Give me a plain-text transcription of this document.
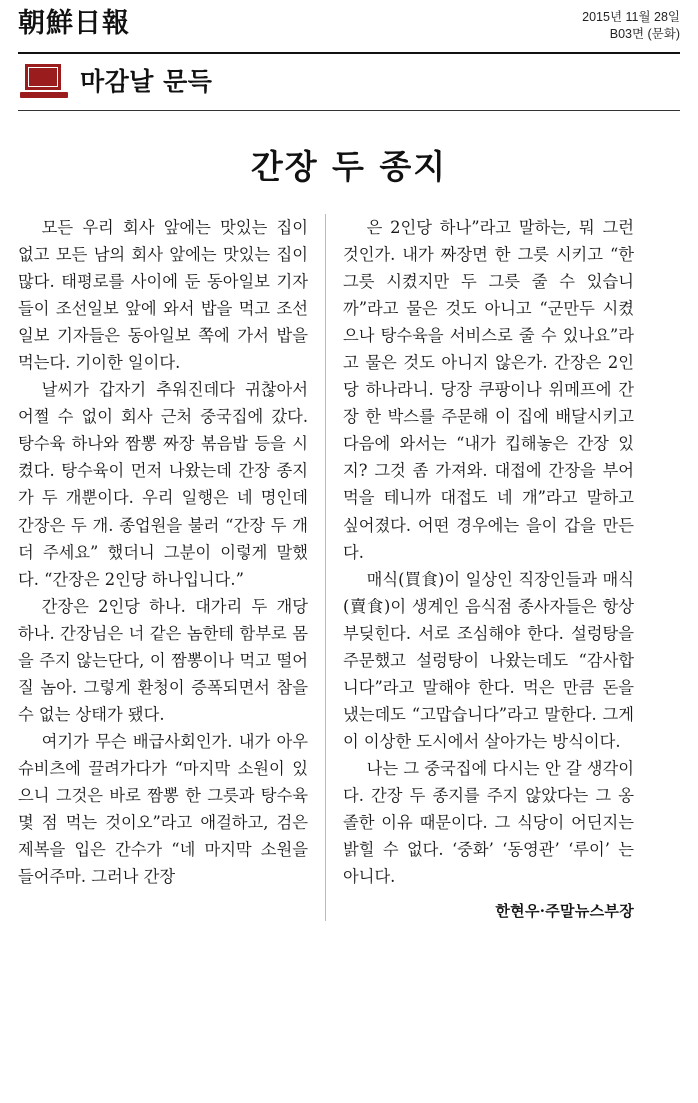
朝鮮日報	2015년 11월 28일
B03면 (문화)
마감날 문득
간장 두 종지

모든 우리 회사 앞에는 맛있는 집이 없고 모든 남의 회사 앞에는 맛있는 집이 많다. 태평로를 사이에 둔 동아일보 기자들이 조선일보 앞에 와서 밥을 먹고 조선일보 기자들은 동아일보 쪽에 가서 밥을 먹는다. 기이한 일이다.

날씨가 갑자기 추워진데다 귀찮아서 어쩔 수 없이 회사 근처 중국집에 갔다. 탕수육 하나와 짬뽕 짜장 볶음밥 등을 시켰다. 탕수육이 먼저 나왔는데 간장 종지가 두 개뿐이다. 우리 일행은 네 명인데 간장은 두 개. 종업원을 불러 “간장 두 개 더 주세요” 했더니 그분이 이렇게 말했다. “간장은 2인당 하나입니다.”

간장은 2인당 하나. 대가리 두 개당 하나. 간장님은 너 같은 놈한테 함부로 몸을 주지 않는단다, 이 짬뽕이나 먹고 떨어질 놈아. 그렇게 환청이 증폭되면서 참을 수 없는 상태가 됐다.

여기가 무슨 배급사회인가. 내가 아우슈비츠에 끌려가다가 “마지막 소원이 있으니 그것은 바로 짬뽕 한 그릇과 탕수육 몇 점 먹는 것이오”라고 애걸하고, 검은 제복을 입은 간수가 “네 마지막 소원을 들어주마. 그러나 간장

은 2인당 하나”라고 말하는, 뭐 그런 것인가. 내가 짜장면 한 그릇 시키고 “한 그릇 시켰지만 두 그릇 줄 수 있습니까”라고 물은 것도 아니고 “군만두 시켰으나 탕수육을 서비스로 줄 수 있나요”라고 물은 것도 아니지 않은가. 간장은 2인당 하나라니. 당장 쿠팡이나 위메프에 간장 한 박스를 주문해 이 집에 배달시키고 다음에 와서는 “내가 킵해놓은 간장 있지? 그것 좀 가져와. 대접에 간장을 부어 먹을 테니까 대접도 네 개”라고 말하고 싶어졌다. 어떤 경우에는 을이 갑을 만든다.

매식(買食)이 일상인 직장인들과 매식(賣食)이 생계인 음식점 종사자들은 항상 부딪힌다. 서로 조심해야 한다. 설렁탕을 주문했고 설렁탕이 나왔는데도 “감사합니다”라고 말해야 한다. 먹은 만큼 돈을 냈는데도 “고맙습니다”라고 말한다. 그게 이 이상한 도시에서 살아가는 방식이다.

나는 그 중국집에 다시는 안 갈 생각이다. 간장 두 종지를 주지 않았다는 그 옹졸한 이유 때문이다. 그 식당이 어딘지는 밝힐 수 없다. ‘중화’ ‘동영관’ ‘루이’ 는 아니다.

한현우·주말뉴스부장
